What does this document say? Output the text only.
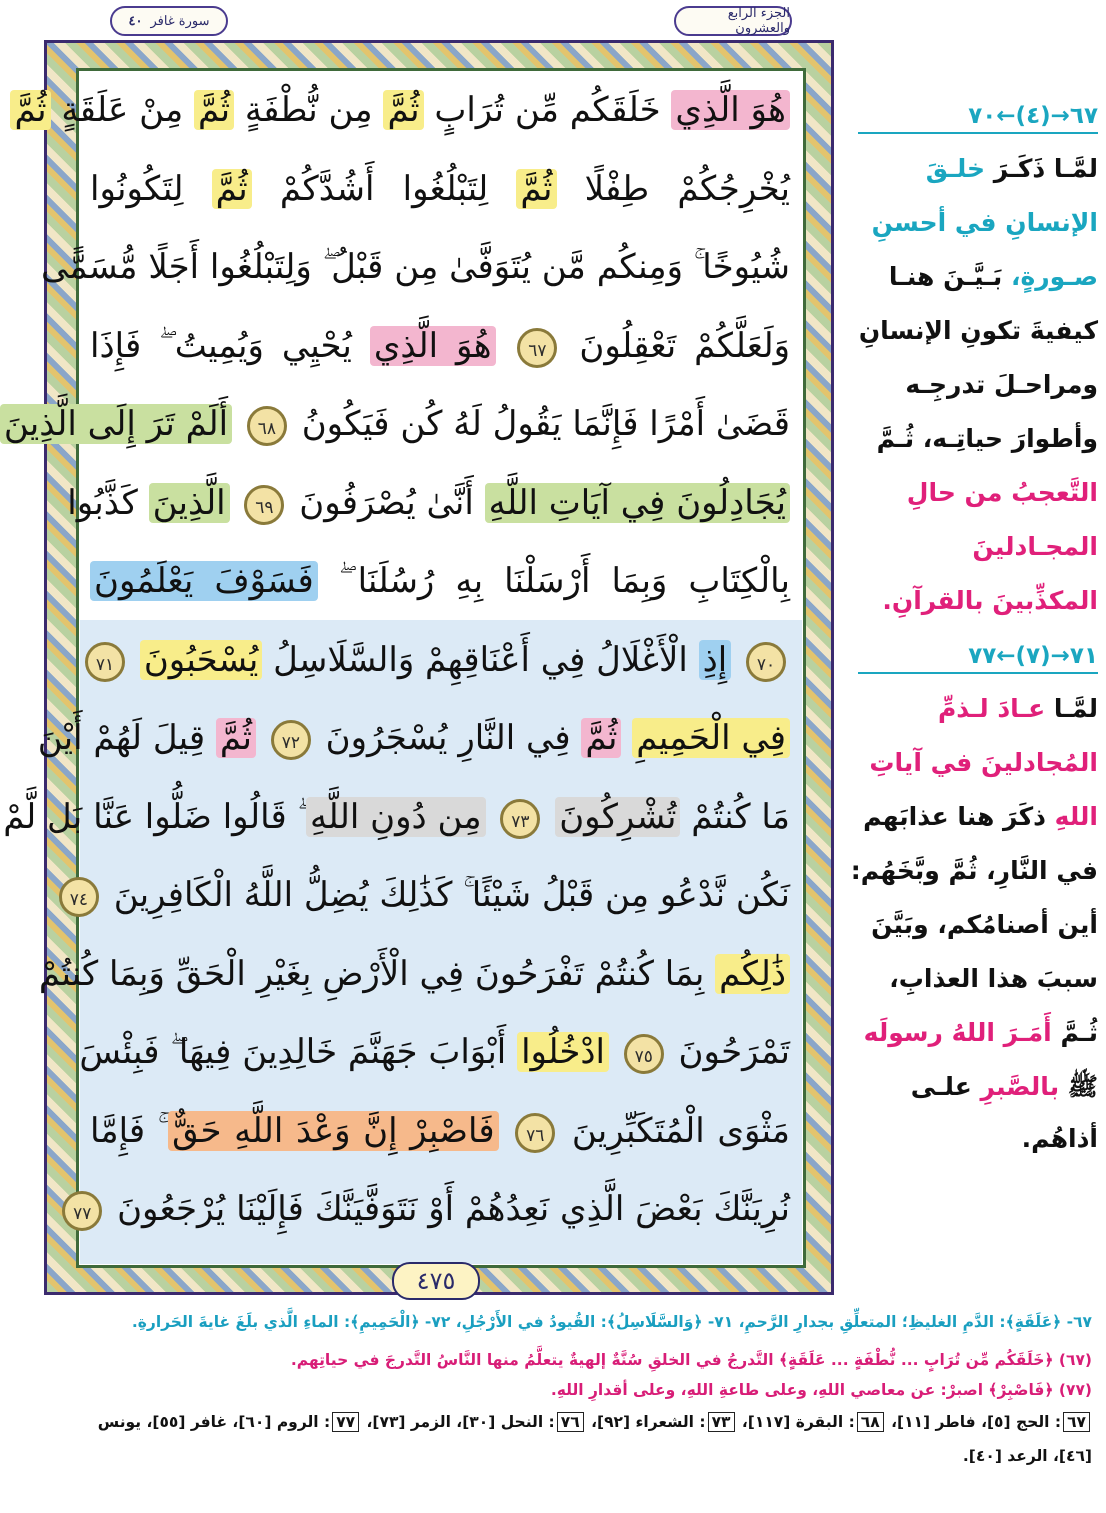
الجزء الرابع والعشرون
سورة غافر
٤٠
هُوَ الَّذِي خَلَقَكُم مِّن تُرَابٍ ثُمَّ مِن نُّطْفَةٍ ثُمَّ مِنْ عَلَقَةٍ ثُمَّ
يُخْرِجُكُمْ طِفْلًا ثُمَّ لِتَبْلُغُوا أَشُدَّكُمْ ثُمَّ لِتَكُونُوا
شُيُوخًا ۚ وَمِنكُم مَّن يُتَوَفَّىٰ مِن قَبْلُ ۖ وَلِتَبْلُغُوا أَجَلًا مُّسَمًّى
وَلَعَلَّكُمْ تَعْقِلُونَ ٦٧ هُوَ الَّذِي يُحْيِي وَيُمِيتُ ۖ فَإِذَا
قَضَىٰ أَمْرًا فَإِنَّمَا يَقُولُ لَهُ كُن فَيَكُونُ ٦٨ أَلَمْ تَرَ إِلَى الَّذِينَ
يُجَادِلُونَ فِي آيَاتِ اللَّهِ أَنَّىٰ يُصْرَفُونَ ٦٩ الَّذِينَ كَذَّبُوا
بِالْكِتَابِ وَبِمَا أَرْسَلْنَا بِهِ رُسُلَنَا ۖ فَسَوْفَ يَعْلَمُونَ
٧٠ إِذِ الْأَغْلَالُ فِي أَعْنَاقِهِمْ وَالسَّلَاسِلُ يُسْحَبُونَ ٧١
فِي الْحَمِيمِ ثُمَّ فِي النَّارِ يُسْجَرُونَ ٧٢ ثُمَّ قِيلَ لَهُمْ أَيْنَ
مَا كُنتُمْ تُشْرِكُونَ ٧٣ مِن دُونِ اللَّهِ ۖ قَالُوا ضَلُّوا عَنَّا بَل لَّمْ
نَكُن نَّدْعُو مِن قَبْلُ شَيْئًا ۚ كَذَٰلِكَ يُضِلُّ اللَّهُ الْكَافِرِينَ ٧٤
ذَٰلِكُم بِمَا كُنتُمْ تَفْرَحُونَ فِي الْأَرْضِ بِغَيْرِ الْحَقِّ وَبِمَا كُنتُمْ
تَمْرَحُونَ ٧٥ ادْخُلُوا أَبْوَابَ جَهَنَّمَ خَالِدِينَ فِيهَا ۖ فَبِئْسَ
مَثْوَى الْمُتَكَبِّرِينَ ٧٦ فَاصْبِرْ إِنَّ وَعْدَ اللَّهِ حَقٌّ ۚ فَإِمَّا
نُرِيَنَّكَ بَعْضَ الَّذِي نَعِدُهُمْ أَوْ نَتَوَفَّيَنَّكَ فَإِلَيْنَا يُرْجَعُونَ ٧٧
٤٧٥
٦٧→(٤)←٧٠
لمَّـا ذَكَـرَ خلـقَ
الإنسانِ في أحسنِ
صـورةٍ، بَـيَّـنَ هنـا
كيفيةَ تكونِ الإنسانِ
ومراحـلَ تدرجِـه
وأطوارَ حياتِـه، ثُـمَّ
التَّعجبُ من حالِ
المجـادلينَ
المكذِّبينَ بالقرآنِ.
٧١→(٧)←٧٧
لمَّـا عـادَ لـذمِّ
المُجادلينَ في آياتِ
اللهِ ذكَرَ هنا عذابَهم
في النَّارِ، ثُمَّ وبَّخَهُم:
أين أصنامُكم، وبَيَّنَ
سببَ هذا العذابِ،
ثُـمَّ أَمَـرَ اللهُ رسولَه
ﷺ بالصَّبرِ علـى
أذاهُم.
٦٧- ﴿عَلَقَةٍ﴾: الدَّمِ الغليظِ؛ المتعلِّقِ بجدارِ الرَّحمِ، ٧١- ﴿وَالسَّلَاسِلُ﴾: القُيودُ في الأَرْجُلِ، ٧٢- ﴿الْحَمِيمِ﴾: الماءِ الَّذي بلَغَ غايةَ الحَرارةِ.
(٦٧) ﴿خَلَقَكُم مِّن تُرَابٍ ... نُّطْفَةٍ ... عَلَقَةٍ﴾ التَّدرجُ في الخلقِ سُنَّةٌ إلهيةٌ يتعلَّمُ منها النَّاسُ التَّدرجَ في حياتِهم.
(٧٧) ﴿فَاصْبِرْ﴾ اصبرْ: عن معاصي اللهِ، وعلى طاعةِ اللهِ، وعلى أقدارِ اللهِ.
٦٧: الحج [٥]، فاطر [١١]، ٦٨: البقرة [١١٧]، ٧٣: الشعراء [٩٢]، ٧٦: النحل [٣٠]، الزمر [٧٣]، ٧٧: الروم [٦٠]، غافر [٥٥]، يونس
[٤٦]، الرعد [٤٠].
